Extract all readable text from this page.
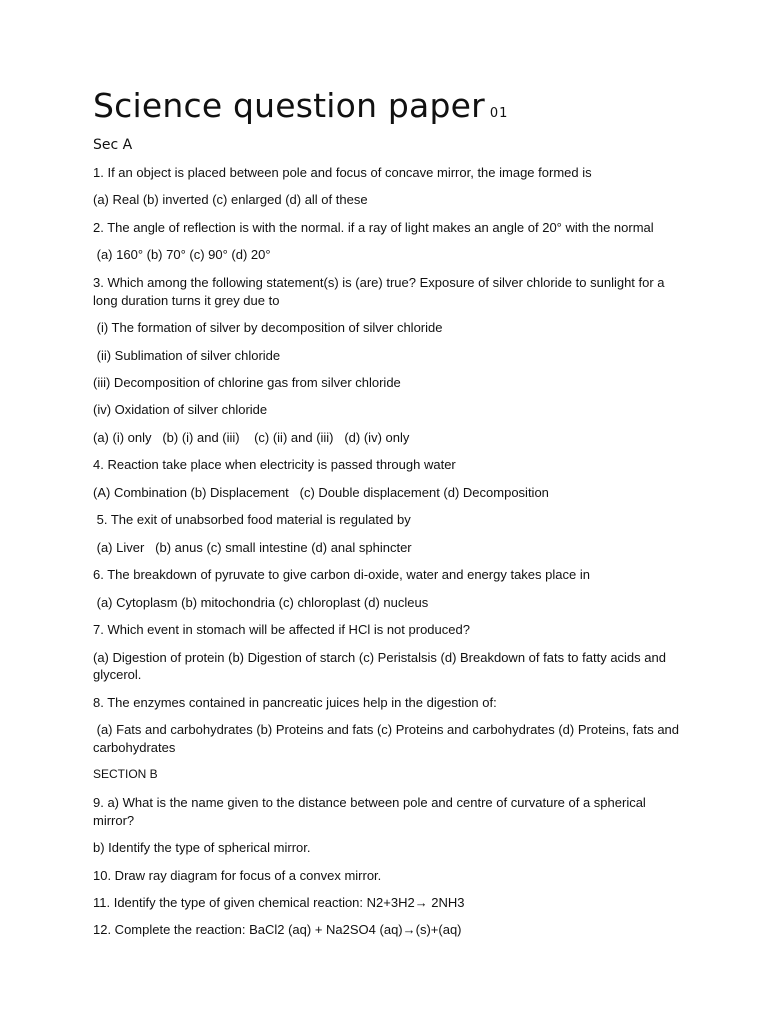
Science question paper 01
Sec A
1. If an object is placed between pole and focus of concave mirror, the image formed is
(a) Real (b) inverted (c) enlarged (d) all of these
2. The angle of reflection is with the normal. if a ray of light makes an angle of 20° with the normal
(a) 160° (b) 70° (c) 90° (d) 20°
3. Which among the following statement(s) is (are) true? Exposure of silver chloride to sunlight for a long duration turns it grey due to
(i) The formation of silver by decomposition of silver chloride
(ii) Sublimation of silver chloride
(iii) Decomposition of chlorine gas from silver chloride
(iv) Oxidation of silver chloride
(a) (i) only   (b) (i) and (iii)    (c) (ii) and (iii)   (d) (iv) only
4. Reaction take place when electricity is passed through water
(A) Combination (b) Displacement   (c) Double displacement (d) Decomposition
5. The exit of unabsorbed food material is regulated by
(a) Liver   (b) anus (c) small intestine (d) anal sphincter
6. The breakdown of pyruvate to give carbon di-oxide, water and energy takes place in
(a) Cytoplasm (b) mitochondria (c) chloroplast (d) nucleus
7. Which event in stomach will be affected if HCl is not produced?
(a) Digestion of protein (b) Digestion of starch (c) Peristalsis (d) Breakdown of fats to fatty acids and glycerol.
8. The enzymes contained in pancreatic juices help in the digestion of:
(a) Fats and carbohydrates (b) Proteins and fats (c) Proteins and carbohydrates (d) Proteins, fats and carbohydrates
SECTION B
9. a) What is the name given to the distance between pole and centre of curvature of a spherical mirror?
b) Identify the type of spherical mirror.
10. Draw ray diagram for focus of a convex mirror.
11. Identify the type of given chemical reaction: N2+3H2→ 2NH3
12. Complete the reaction: BaCl2 (aq) + Na2SO4 (aq)→(s)+(aq)
